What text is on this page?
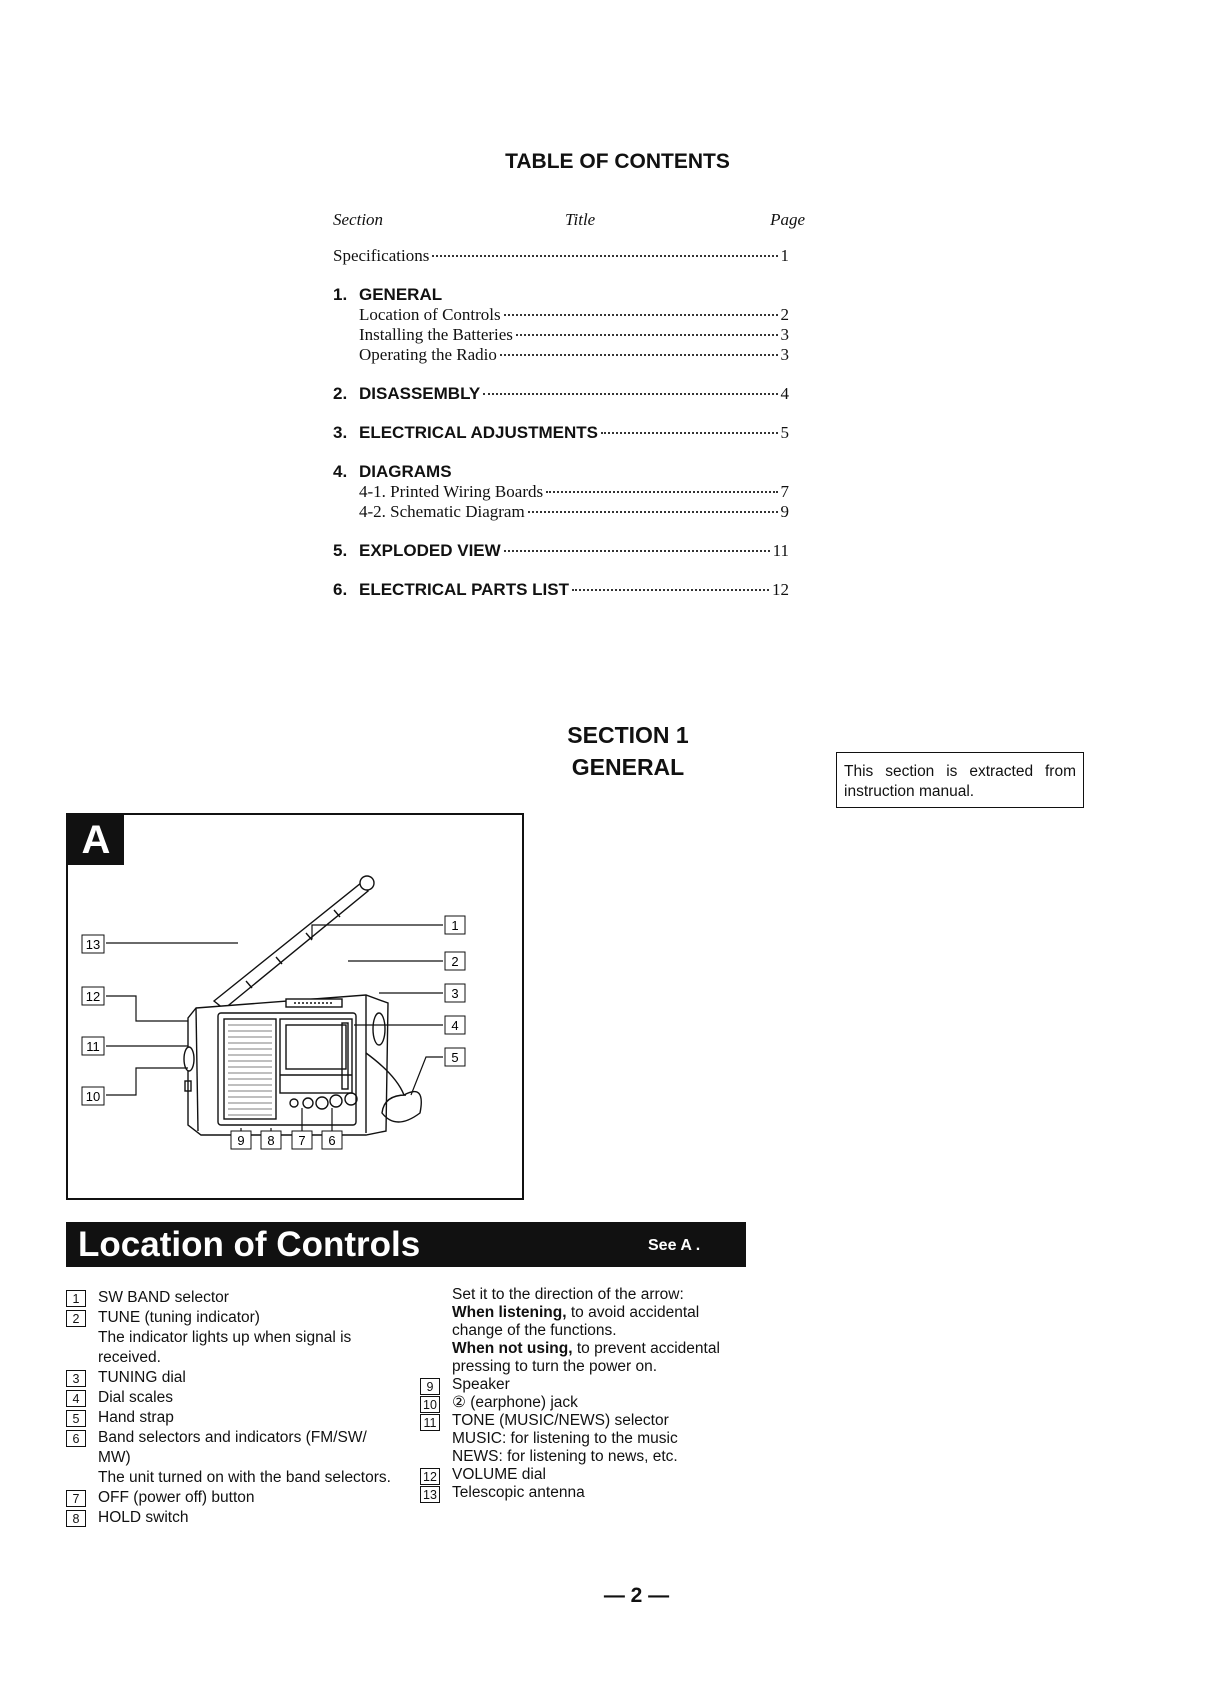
TABLE OF CONTENTS
Section	Title	Page
Specifications	1
1. GENERAL
Location of Controls	2
Installing the Batteries	3
Operating the Radio	3
2. DISASSEMBLY	4
3. ELECTRICAL ADJUSTMENTS	5
4. DIAGRAMS
4-1. Printed Wiring Boards	7
4-2. Schematic Diagram	9
5. EXPLODED VIEW	11
6. ELECTRICAL PARTS LIST	12
SECTION 1
GENERAL	This section is extracted from instruction manual.
A
13
12
11
10
1
2
3
4
5
9 8 7 6
Location of Controls	See A .
1	SW BAND selector
2	TUNE (tuning indicator)
The indicator lights up when signal is
received.
3	TUNING dial
4	Dial scales
5	Hand strap
6	Band selectors and indicators (FM/SW/
MW)
The unit turned on with the band selectors.
7	OFF (power off) button
8	HOLD switch
Set it to the direction of the arrow:
When listening, to avoid accidental
change of the functions.
When not using, to prevent accidental
pressing to turn the power on.
9	Speaker
10 ② (earphone) jack
11 TONE (MUSIC/NEWS) selector
MUSIC: for listening to the music
NEWS: for listening to news, etc.
12 VOLUME dial
13 Telescopic antenna
— 2 —
